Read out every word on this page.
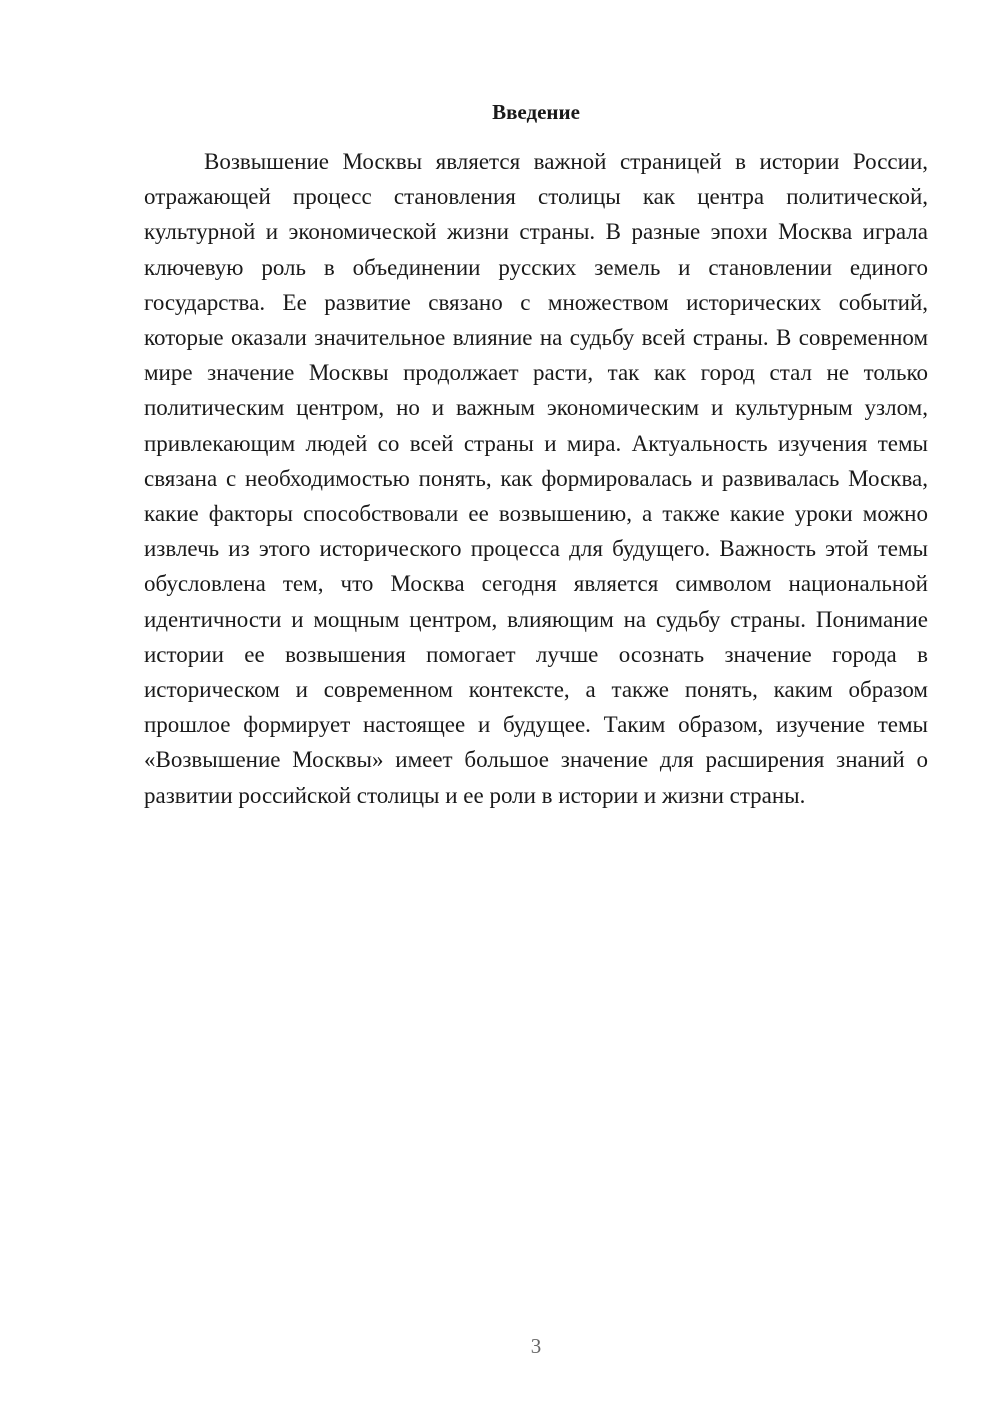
Введение

Возвышение Москвы является важной страницей в истории России, отражающей процесс становления столицы как центра политической, культурной и экономической жизни страны. В разные эпохи Москва играла ключевую роль в объединении русских земель и становлении единого государства. Ее развитие связано с множеством исторических событий, которые оказали значительное влияние на судьбу всей страны. В современном мире значение Москвы продолжает расти, так как город стал не только политическим центром, но и важным экономическим и культурным узлом, привлекающим людей со всей страны и мира. Актуальность изучения темы связана с необходимостью понять, как формировалась и развивалась Москва, какие факторы способствовали ее возвышению, а также какие уроки можно извлечь из этого исторического процесса для будущего. Важность этой темы обусловлена тем, что Москва сегодня является символом национальной идентичности и мощным центром, влияющим на судьбу страны. Понимание истории ее возвышения помогает лучше осознать значение города в историческом и современном контексте, а также понять, каким образом прошлое формирует настоящее и будущее. Таким образом, изучение темы «Возвышение Москвы» имеет большое значение для расширения знаний о развитии российской столицы и ее роли в истории и жизни страны.

3
